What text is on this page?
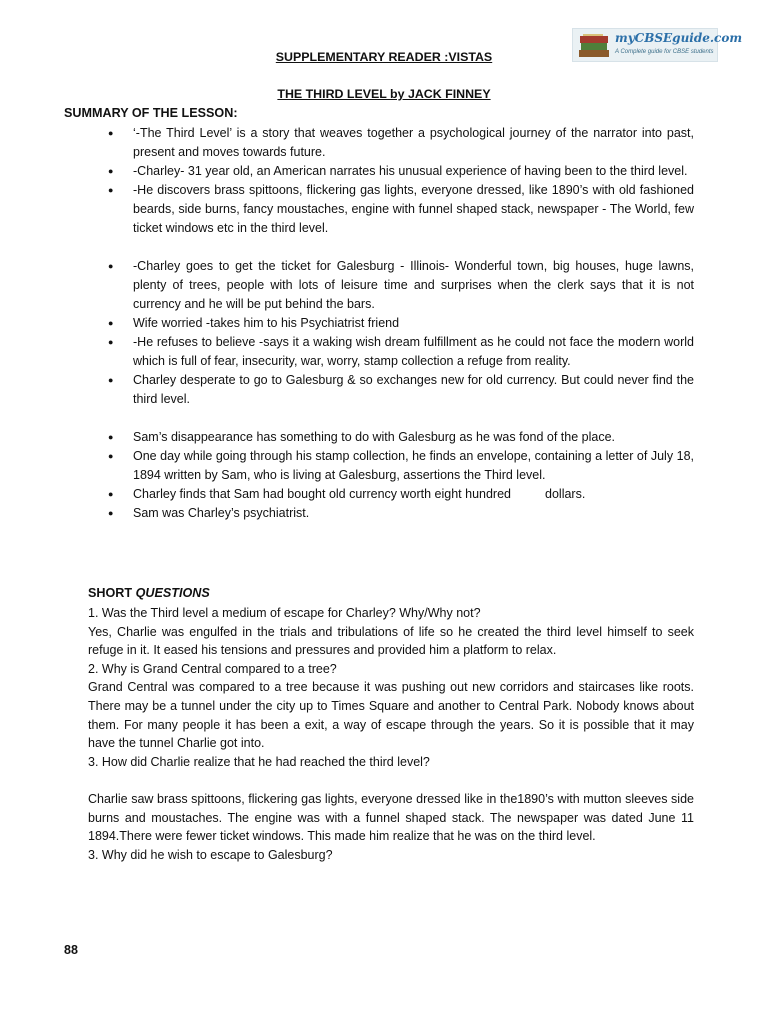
myCBSEguide.com
A Complete guide for CBSE students
SUPPLEMENTARY READER :VISTAS
THE THIRD LEVEL by JACK FINNEY
SUMMARY OF THE LESSON:
● ‘-The Third Level’ is a story that weaves together a psychological journey of the narrator into past, present and moves towards future.
● -Charley- 31 year old, an American narrates his unusual experience of having been to the third level.
● -He discovers brass spittoons, flickering gas lights, everyone dressed, like 1890’s with old fashioned beards, side burns, fancy moustaches, engine with funnel shaped stack, newspaper - The World, few ticket windows etc in the third level.
● -Charley goes to get the ticket for Galesburg - Illinois- Wonderful town, big houses, huge lawns, plenty of trees, people with lots of leisure time and surprises when the clerk says that it is not currency and he will be put behind the bars.
● Wife worried -takes him to his Psychiatrist friend
● -He refuses to believe -says it a waking wish dream fulfillment as he could not face the modern world which is full of fear, insecurity, war, worry, stamp collection a refuge from reality.
● Charley desperate to go to Galesburg & so exchanges new for old currency. But could never find the third level.
● Sam’s disappearance has something to do with Galesburg as he was fond of the place.
● One day while going through his stamp collection, he finds an envelope, containing a letter of July 18, 1894 written by Sam, who is living at Galesburg, assertions the Third level.
● Charley finds that Sam had bought old currency worth eight hundred	dollars.
● Sam was Charley’s psychiatrist.
SHORT QUESTIONS

1. Was the Third level a medium of escape for Charley? Why/Why not?

Yes, Charlie was engulfed in the trials and tribulations of life so he created the third level himself to seek refuge in it. It eased his tensions and pressures and provided him a platform to relax.

2. Why is Grand Central compared to a tree?

Grand Central was compared to a tree because it was pushing out new corridors and staircases like roots. There may be a tunnel under the city up to Times Square and another to Central Park. Nobody knows about them. For many people it has been a exit, a way of escape through the years. So it is possible that it may have the tunnel Charlie got into.

3. How did Charlie realize that he had reached the third level?

Charlie saw brass spittoons, flickering gas lights, everyone dressed like in the1890’s with mutton sleeves side burns and moustaches. The engine was with a funnel shaped stack. The newspaper was dated June 11 1894.There were fewer ticket windows. This made him realize that he was on the third level.

3. Why did he wish to escape to Galesburg?

88
